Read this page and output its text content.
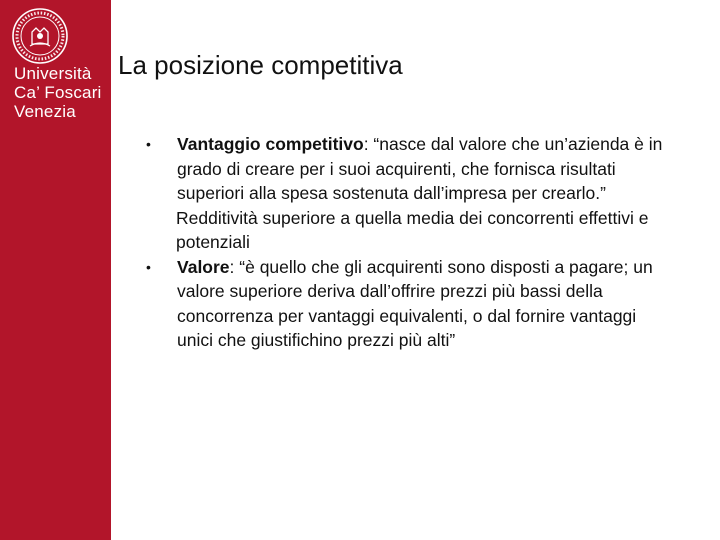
Università
Ca’ Foscari
Venezia
La posizione competitiva
• Vantaggio competitivo: “nasce dal valore che un’azienda è in grado di creare per i suoi acquirenti, che fornisca risultati superiori alla spesa sostenuta dall’impresa per crearlo.”
Redditività superiore a quella media dei concorrenti effettivi e potenziali
• Valore: “è quello che gli acquirenti sono disposti a pagare; un valore superiore deriva dall’offrire prezzi più bassi della concorrenza per vantaggi equivalenti, o dal fornire vantaggi unici che giustifichino prezzi più alti”
